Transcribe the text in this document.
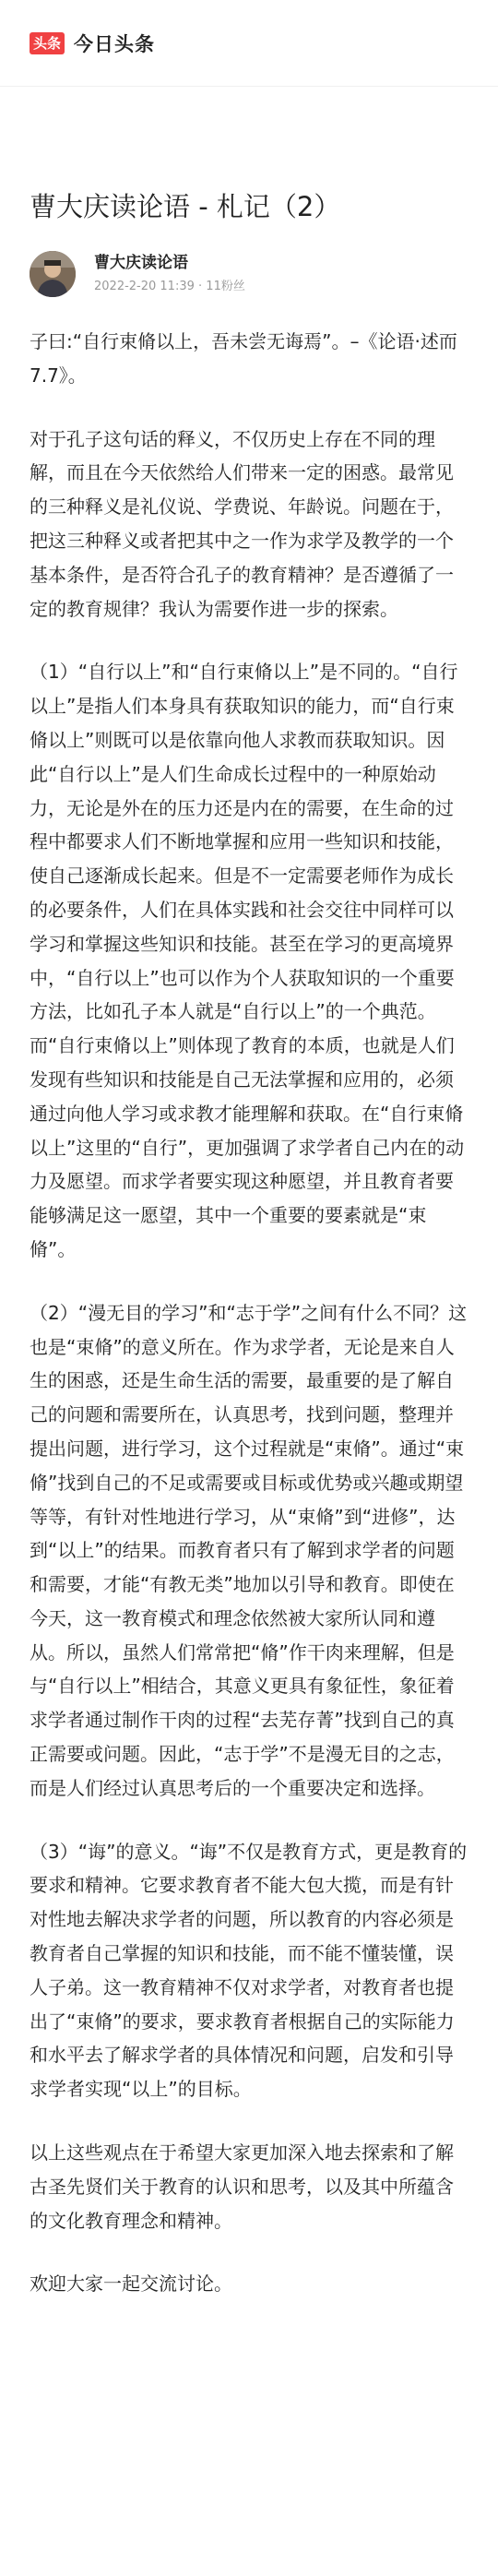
头条 今日头条
曹大庆读论语 - 札记（2）
曹大庆读论语
2022-2-20 11:39 · 11粉丝

子曰:“自行束脩以上，吾未尝无诲焉”。–《论语·述而7.7》。

对于孔子这句话的释义，不仅历史上存在不同的理解，而且在今天依然给人们带来一定的困惑。最常见的三种释义是礼仪说、学费说、年龄说。问题在于，把这三种释义或者把其中之一作为求学及教学的一个基本条件，是否符合孔子的教育精神？是否遵循了一定的教育规律？我认为需要作进一步的探索。

（1）“自行以上”和“自行束脩以上”是不同的。“自行以上”是指人们本身具有获取知识的能力，而“自行束脩以上”则既可以是依靠向他人求教而获取知识。因此“自行以上”是人们生命成长过程中的一种原始动力，无论是外在的压力还是内在的需要，在生命的过程中都要求人们不断地掌握和应用一些知识和技能，使自己逐渐成长起来。但是不一定需要老师作为成长的必要条件，人们在具体实践和社会交往中同样可以学习和掌握这些知识和技能。甚至在学习的更高境界中，“自行以上”也可以作为个人获取知识的一个重要方法，比如孔子本人就是“自行以上”的一个典范。而“自行束脩以上”则体现了教育的本质，也就是人们发现有些知识和技能是自己无法掌握和应用的，必须通过向他人学习或求教才能理解和获取。在“自行束脩以上”这里的“自行”，更加强调了求学者自己内在的动力及愿望。而求学者要实现这种愿望，并且教育者要能够满足这一愿望，其中一个重要的要素就是“束脩”。

（2）“漫无目的学习”和“志于学”之间有什么不同？这也是“束脩”的意义所在。作为求学者，无论是来自人生的困惑，还是生命生活的需要，最重要的是了解自己的问题和需要所在，认真思考，找到问题，整理并提出问题，进行学习，这个过程就是“束脩”。通过“束脩”找到自己的不足或需要或目标或优势或兴趣或期望等等，有针对性地进行学习，从“束脩”到“进修”，达到“以上”的结果。而教育者只有了解到求学者的问题和需要，才能“有教无类”地加以引导和教育。即使在今天，这一教育模式和理念依然被大家所认同和遵从。所以，虽然人们常常把“脩”作干肉来理解，但是与“自行以上”相结合，其意义更具有象征性，象征着求学者通过制作干肉的过程“去芜存菁”找到自己的真正需要或问题。因此，“志于学”不是漫无目的之志，而是人们经过认真思考后的一个重要决定和选择。

（3）“诲”的意义。“诲”不仅是教育方式，更是教育的要求和精神。它要求教育者不能大包大揽，而是有针对性地去解决求学者的问题，所以教育的内容必须是教育者自己掌握的知识和技能，而不能不懂装懂，误人子弟。这一教育精神不仅对求学者，对教育者也提出了“束脩”的要求，要求教育者根据自己的实际能力和水平去了解求学者的具体情况和问题，启发和引导求学者实现“以上”的目标。

以上这些观点在于希望大家更加深入地去探索和了解古圣先贤们关于教育的认识和思考，以及其中所蕴含的文化教育理念和精神。

欢迎大家一起交流讨论。
